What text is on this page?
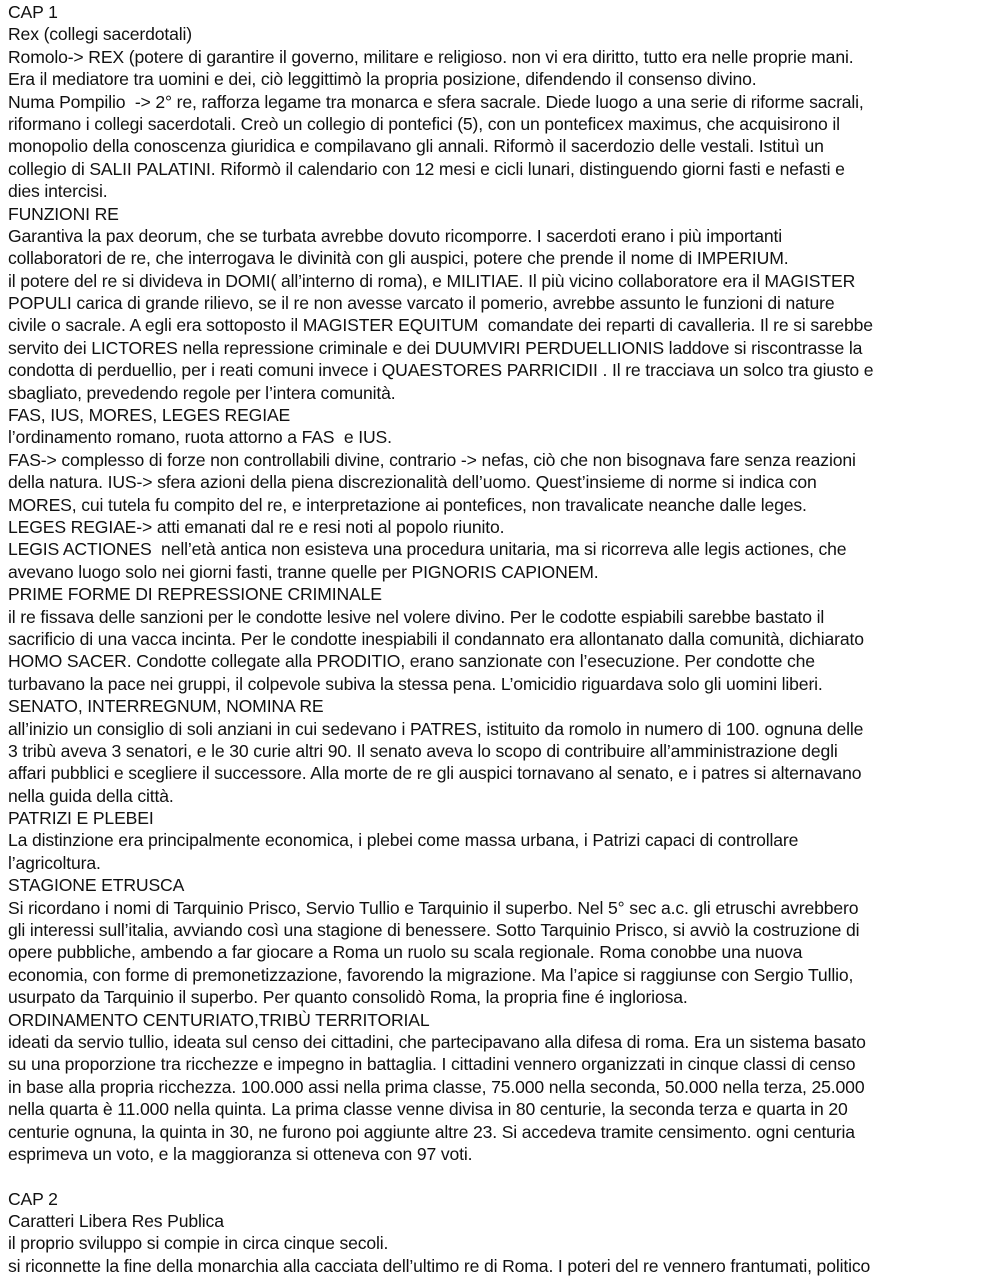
CAP 1
Rex (collegi sacerdotali)
Romolo-> REX (potere di garantire il governo, militare e religioso. non vi era diritto, tutto era nelle proprie mani.
Era il mediatore tra uomini e dei, ciò leggittimò la propria posizione, difendendo il consenso divino.
Numa Pompilio  -> 2° re, rafforza legame tra monarca e sfera sacrale. Diede luogo a una serie di riforme sacrali,
riformano i collegi sacerdotali. Creò un collegio di pontefici (5), con un ponteficex maximus, che acquisirono il
monopolio della conoscenza giuridica e compilavano gli annali. Riformò il sacerdozio delle vestali. Istituì un
collegio di SALII PALATINI. Riformò il calendario con 12 mesi e cicli lunari, distinguendo giorni fasti e nefasti e
dies intercisi.
FUNZIONI RE
Garantiva la pax deorum, che se turbata avrebbe dovuto ricomporre. I sacerdoti erano i più importanti
collaboratori de re, che interrogava le divinità con gli auspici, potere che prende il nome di IMPERIUM.
il potere del re si divideva in DOMI( all’interno di roma), e MILITIAE. Il più vicino collaboratore era il MAGISTER
POPULI carica di grande rilievo, se il re non avesse varcato il pomerio, avrebbe assunto le funzioni di nature
civile o sacrale. A egli era sottoposto il MAGISTER EQUITUM  comandate dei reparti di cavalleria. Il re si sarebbe
servito dei LICTORES nella repressione criminale e dei DUUMVIRI PERDUELLIONIS laddove si riscontrasse la
condotta di perduellio, per i reati comuni invece i QUAESTORES PARRICIDII . Il re tracciava un solco tra giusto e
sbagliato, prevedendo regole per l’intera comunità.
FAS, IUS, MORES, LEGES REGIAE
l’ordinamento romano, ruota attorno a FAS  e IUS.
FAS-> complesso di forze non controllabili divine, contrario -> nefas, ciò che non bisognava fare senza reazioni
della natura. IUS-> sfera azioni della piena discrezionalità dell’uomo. Quest’insieme di norme si indica con
MORES, cui tutela fu compito del re, e interpretazione ai pontefices, non travalicate neanche dalle leges.
LEGES REGIAE-> atti emanati dal re e resi noti al popolo riunito.
LEGIS ACTIONES  nell’età antica non esisteva una procedura unitaria, ma si ricorreva alle legis actiones, che
avevano luogo solo nei giorni fasti, tranne quelle per PIGNORIS CAPIONEM.
PRIME FORME DI REPRESSIONE CRIMINALE
il re fissava delle sanzioni per le condotte lesive nel volere divino. Per le codotte espiabili sarebbe bastato il
sacrificio di una vacca incinta. Per le condotte inespiabili il condannato era allontanato dalla comunità, dichiarato
HOMO SACER. Condotte collegate alla PRODITIO, erano sanzionate con l’esecuzione. Per condotte che
turbavano la pace nei gruppi, il colpevole subiva la stessa pena. L’omicidio riguardava solo gli uomini liberi.
SENATO, INTERREGNUM, NOMINA RE
all’inizio un consiglio di soli anziani in cui sedevano i PATRES, istituito da romolo in numero di 100. ognuna delle
3 tribù aveva 3 senatori, e le 30 curie altri 90. Il senato aveva lo scopo di contribuire all’amministrazione degli
affari pubblici e scegliere il successore. Alla morte de re gli auspici tornavano al senato, e i patres si alternavano
nella guida della città.
PATRIZI E PLEBEI
La distinzione era principalmente economica, i plebei come massa urbana, i Patrizi capaci di controllare
l’agricoltura.
STAGIONE ETRUSCA
Si ricordano i nomi di Tarquinio Prisco, Servio Tullio e Tarquinio il superbo. Nel 5° sec a.c. gli etruschi avrebbero
gli interessi sull’italia, avviando così una stagione di benessere. Sotto Tarquinio Prisco, si avviò la costruzione di
opere pubbliche, ambendo a far giocare a Roma un ruolo su scala regionale. Roma conobbe una nuova
economia, con forme di premonetizzazione, favorendo la migrazione. Ma l’apice si raggiunse con Sergio Tullio,
usurpato da Tarquinio il superbo. Per quanto consolidò Roma, la propria fine é ingloriosa.
ORDINAMENTO CENTURIATO,TRIBÙ TERRITORIAL
ideati da servio tullio, ideata sul censo dei cittadini, che partecipavano alla difesa di roma. Era un sistema basato
su una proporzione tra ricchezze e impegno in battaglia. I cittadini vennero organizzati in cinque classi di censo
in base alla propria ricchezza. 100.000 assi nella prima classe, 75.000 nella seconda, 50.000 nella terza, 25.000
nella quarta è 11.000 nella quinta. La prima classe venne divisa in 80 centurie, la seconda terza e quarta in 20
centurie ognuna, la quinta in 30, ne furono poi aggiunte altre 23. Si accedeva tramite censimento. ogni centuria
esprimeva un voto, e la maggioranza si otteneva con 97 voti.
CAP 2
Caratteri Libera Res Publica
il proprio sviluppo si compie in circa cinque secoli.
si riconnette la fine della monarchia alla cacciata dell’ultimo re di Roma. I poteri del re vennero frantumati, politico
